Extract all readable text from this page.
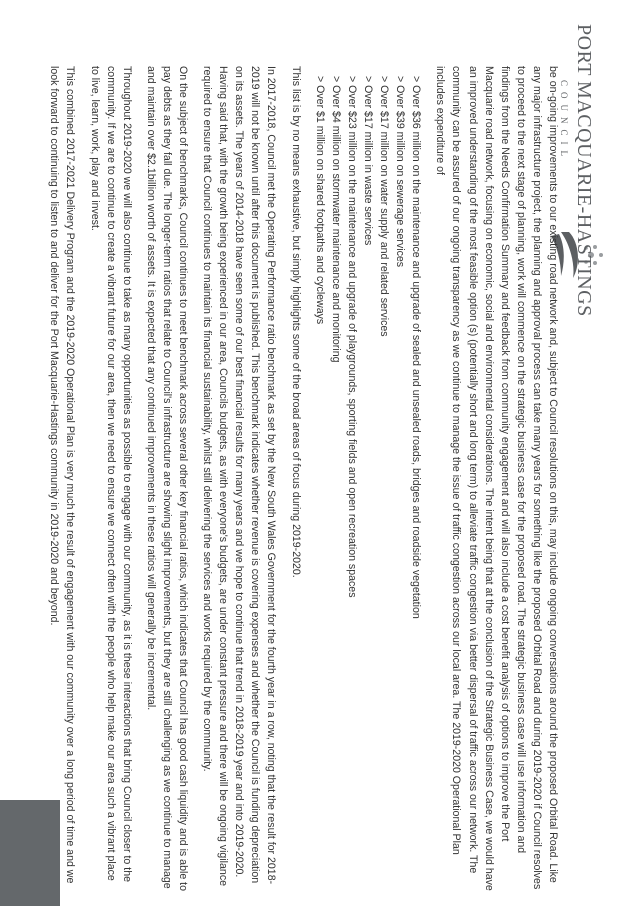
PORT MACQUARIE-HASTINGS
COUNCIL

be on-going improvements to our existing road network and, subject to Council resolutions on this, may include ongoing conversations around the proposed Orbital Road. Like any major infrastructure project, the planning and approval process can take many years for something like the proposed Orbital Road and during 2019-2020 if Council resolves to proceed to the next stage of planning, work will commence on the strategic business case for the proposed road. The strategic business case will use information and findings from the Needs Confirmation Summary and feedback from community engagement and will also include a cost benefit analysis of options to improve the Port Macquarie road network, focusing on economic, social and environmental considerations. The intent being that at the conclusion of the Strategic Business Case, we would have an improved understanding of the most feasible option (s) (potentially short and long term) to alleviate traffic congestion via better dispersal of traffic across our network. The community can be assured of our ongoing transparency as we continue to manage the issue of traffic congestion across our local area. The 2019-2020 Operational Plan includes expenditure of

> Over $36 million on the maintenance and upgrade of sealed and unsealed roads, bridges and roadside vegetation
> Over $39 million on sewerage services
> Over $17 million on water supply and related services
> Over $17 million in waste services
> Over $23 million on the maintenance and upgrade of playgrounds, sporting fields and open recreation spaces
> Over $4 million on stormwater maintenance and monitoring
> Over $1 million on shared footpaths and cycleways

This list is by no means exhaustive, but simply highlights some of the broad areas of focus during 2019-2020.

In 2017-2018, Council met the Operating Performance ratio benchmark as set by the New South Wales Government for the fourth year in a row, noting that the result for 2018-2019 will not be known until after this document is published. This benchmark indicates whether revenue is covering expenses and whether the Council is funding depreciation on its assets. The years of 2014-2018 have seen some of our best financial results for many years and we hope to continue that trend in 2018-2019 year and into 2019-2020. Having said that, with the growth being experienced in our area, Councils budgets, as with everyone's budgets, are under constant pressure and there will be ongoing vigilance required to ensure that Council continues to maintain its financial sustainability, whilst still delivering the services and works required by the community.

On the subject of benchmarks, Council continues to meet benchmark across several other key financial ratios, which indicates that Council has good cash liquidity and is able to pay debts as they fall due. The longer-term ratios that relate to Council's infrastructure are showing slight improvements, but they are still challenging as we continue to manage and maintain over $2.1billion worth of assets. It is expected that any continued improvements in these ratios will generally be incremental.

Throughout 2019-2020 we will also continue to take as many opportunities as possible to engage with our community, as it is these interactions that bring Council closer to the community. If we are to continue to create a vibrant future for our area, then we need to ensure we connect often with the people who help make our area such a vibrant place to live, learn, work, play and invest.

This combined 2017-2021 Delivery Program and the 2019-2020 Operational Plan is very much the result of engagement with our community over a long period of time and we look forward to continuing to listen to and deliver for the Port Macquarie-Hastings community in 2019-2020 and beyond.
